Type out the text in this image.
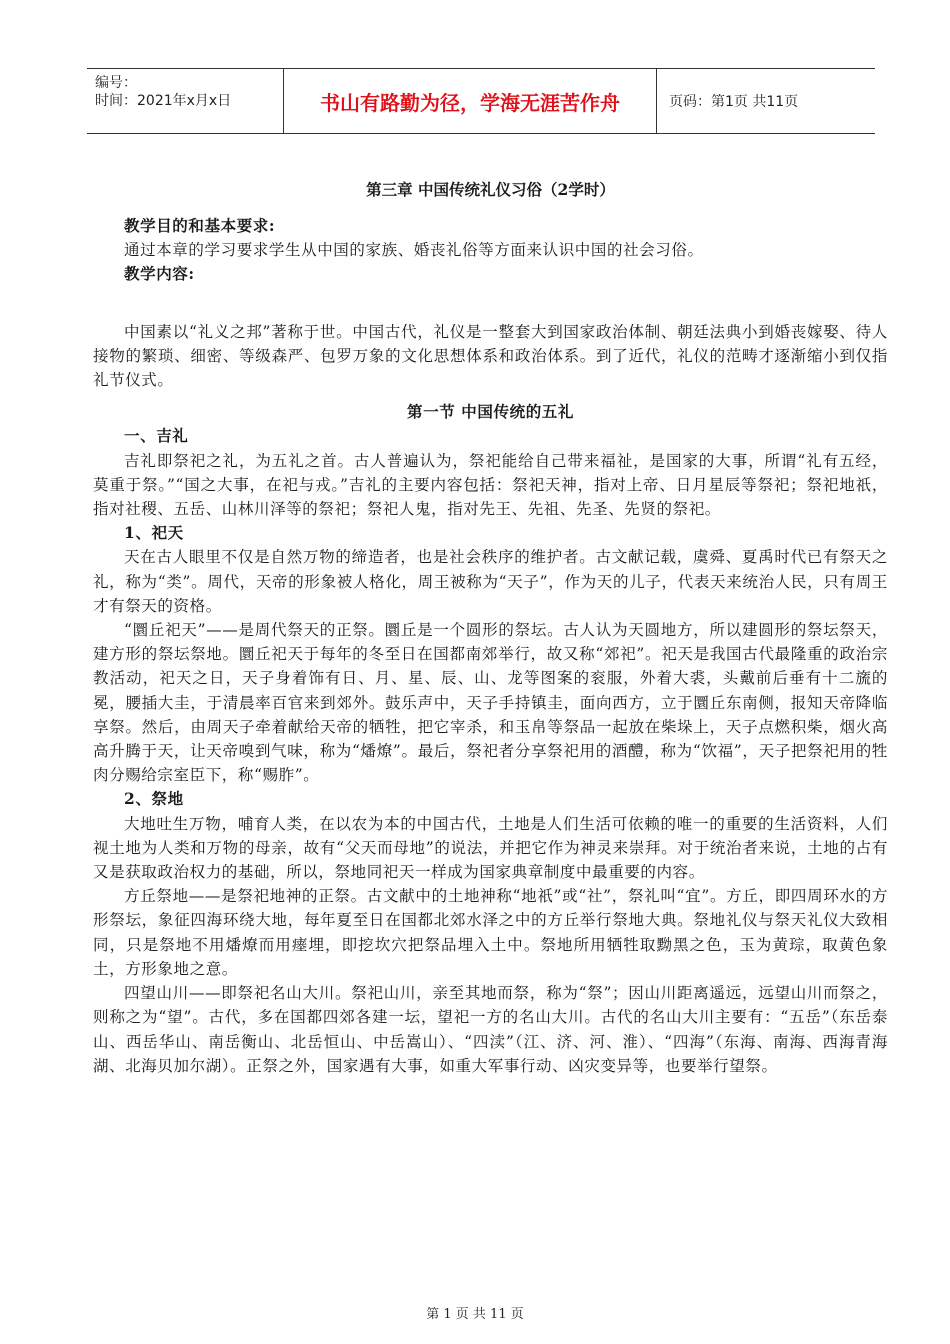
编号：
时间：2021年x月x日	书山有路勤为径，学海无涯苦作舟	页码：第1页 共11页

第三章 中国传统礼仪习俗（2学时）

教学目的和基本要求:

通过本章的学习要求学生从中国的家族、婚丧礼俗等方面来认识中国的社会习俗。

教学内容:

中国素以“礼义之邦”著称于世。中国古代，礼仪是一整套大到国家政治体制、朝廷法典小到婚丧嫁娶、待人接物的繁琐、细密、等级森严、包罗万象的文化思想体系和政治体系。到了近代，礼仪的范畴才逐渐缩小到仅指礼节仪式。

第一节 中国传统的五礼

一、吉礼

吉礼即祭祀之礼，为五礼之首。古人普遍认为，祭祀能给自己带来福祉，是国家的大事，所谓“礼有五经，莫重于祭。”“国之大事，在祀与戎。”吉礼的主要内容包括：祭祀天神，指对上帝、日月星辰等祭祀；祭祀地祇，指对社稷、五岳、山林川泽等的祭祀；祭祀人鬼，指对先王、先祖、先圣、先贤的祭祀。

1、祀天

天在古人眼里不仅是自然万物的缔造者，也是社会秩序的维护者。古文献记载，虞舜、夏禹时代已有祭天之礼，称为“类”。周代，天帝的形象被人格化，周王被称为“天子”，作为天的儿子，代表天来统治人民，只有周王才有祭天的资格。

“圜丘祀天”——是周代祭天的正祭。圜丘是一个圆形的祭坛。古人认为天圆地方，所以建圆形的祭坛祭天，建方形的祭坛祭地。圜丘祀天于每年的冬至日在国都南郊举行，故又称“郊祀”。祀天是我国古代最隆重的政治宗教活动，祀天之日，天子身着饰有日、月、星、辰、山、龙等图案的衮服，外着大裘，头戴前后垂有十二旒的冕，腰插大圭，于清晨率百官来到郊外。鼓乐声中，天子手持镇圭，面向西方，立于圜丘东南侧，报知天帝降临享祭。然后，由周天子牵着献给天帝的牺牲，把它宰杀，和玉帛等祭品一起放在柴垛上，天子点燃积柴，烟火高高升腾于天，让天帝嗅到气味，称为“燔燎”。最后，祭祀者分享祭祀用的酒醴，称为“饮福”，天子把祭祀用的牲肉分赐给宗室臣下，称“赐胙”。

2、祭地

大地吐生万物，哺育人类，在以农为本的中国古代，土地是人们生活可依赖的唯一的重要的生活资料，人们视土地为人类和万物的母亲，故有“父天而母地”的说法，并把它作为神灵来崇拜。对于统治者来说，土地的占有又是获取政治权力的基础，所以，祭地同祀天一样成为国家典章制度中最重要的内容。

方丘祭地——是祭祀地神的正祭。古文献中的土地神称“地祇”或“社”，祭礼叫“宜”。方丘，即四周环水的方形祭坛，象征四海环绕大地，每年夏至日在国都北郊水泽之中的方丘举行祭地大典。祭地礼仪与祭天礼仪大致相同，只是祭地不用燔燎而用瘗埋，即挖坎穴把祭品埋入土中。祭地所用牺牲取黝黑之色，玉为黄琮，取黄色象土，方形象地之意。

四望山川——即祭祀名山大川。祭祀山川，亲至其地而祭，称为“祭”；因山川距离遥远，远望山川而祭之，则称之为“望”。古代，多在国都四郊各建一坛，望祀一方的名山大川。古代的名山大川主要有：“五岳”（东岳泰山、西岳华山、南岳衡山、北岳恒山、中岳嵩山）、“四渎”（江、济、河、淮）、“四海”（东海、南海、西海青海湖、北海贝加尔湖）。正祭之外，国家遇有大事，如重大军事行动、凶灾变异等，也要举行望祭。

第 1 页 共 11 页
